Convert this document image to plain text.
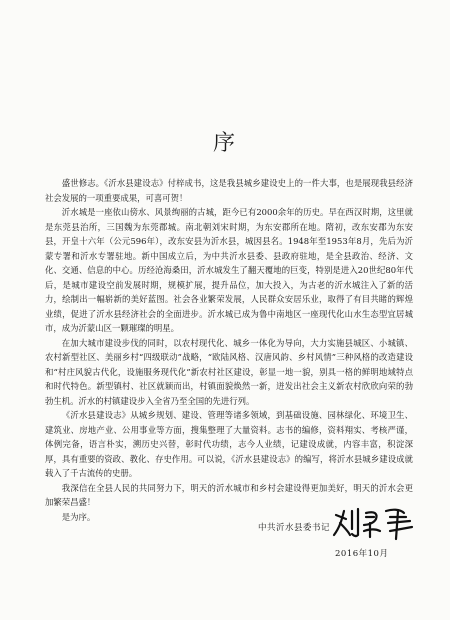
序

盛世修志。《沂水县建设志》付梓成书，这是我县城乡建设史上的一件大事，也是展现我县经济社会发展的一项重要成果，可喜可贺！

沂水城是一座依山傍水、风景绚丽的古城，距今已有2000余年的历史。早在西汉时期，这里就是东莞县治所，三国魏为东莞郡城。南北朝刘宋时期，为东安郡所在地。隋初，改东安郡为东安县，开皇十六年（公元596年），改东安县为沂水县，城因县名。1948年至1953年8月，先后为沂蒙专署和沂水专署驻地。新中国成立后，为中共沂水县委、县政府驻地，是全县政治、经济、文化、交通、信息的中心。历经沧海桑田，沂水城发生了翻天覆地的巨变，特别是进入20世纪80年代后，是城市建设空前发展时期，规模扩展，提升品位，加大投入，为古老的沂水城注入了新的活力，绘制出一幅崭新的美好蓝图。社会各业繁荣发展，人民群众安居乐业，取得了有目共睹的辉煌业绩，促进了沂水县经济社会的全面进步。沂水城已成为鲁中南地区一座现代化山水生态型宜居城市，成为沂蒙山区一颗璀璨的明星。

在加大城市建设步伐的同时，以农村现代化、城乡一体化为导向，大力实施县城区、小城镇、农村新型社区、美丽乡村“四级联动”战略，“欧陆风格、汉唐风韵、乡村风情”三种风格的改造建设和“村庄风貌古代化，设施服务现代化”新农村社区建设，彰显一地一貌，别具一格的鲜明地域特点和时代特色。新型镇村、社区就颖而出，村镇面貌焕然一新，迸发出社会主义新农村欣欣向荣的勃勃生机。沂水的村镇建设步入全省乃至全国的先进行列。

《沂水县建设志》从城乡规划、建设、管理等诸多领域，到基础设施、园林绿化、环境卫生、建筑业、房地产业、公用事业等方面，搜集整理了大量资料。志书的编修，资料翔实、考核严谨，体例完备，语言朴实，溯历史兴替，彰时代功绩，志今人业绩，记建设成就，内容丰富，积淀深厚，具有重要的资政、教化、存史作用。可以说，《沂水县建设志》的编写，将沂水县城乡建设成就载入了千古流传的史册。

我深信在全县人民的共同努力下，明天的沂水城市和乡村会建设得更加美好，明天的沂水会更加繁荣昌盛！

是为序。

中共沂水县委书记
2016年10月
